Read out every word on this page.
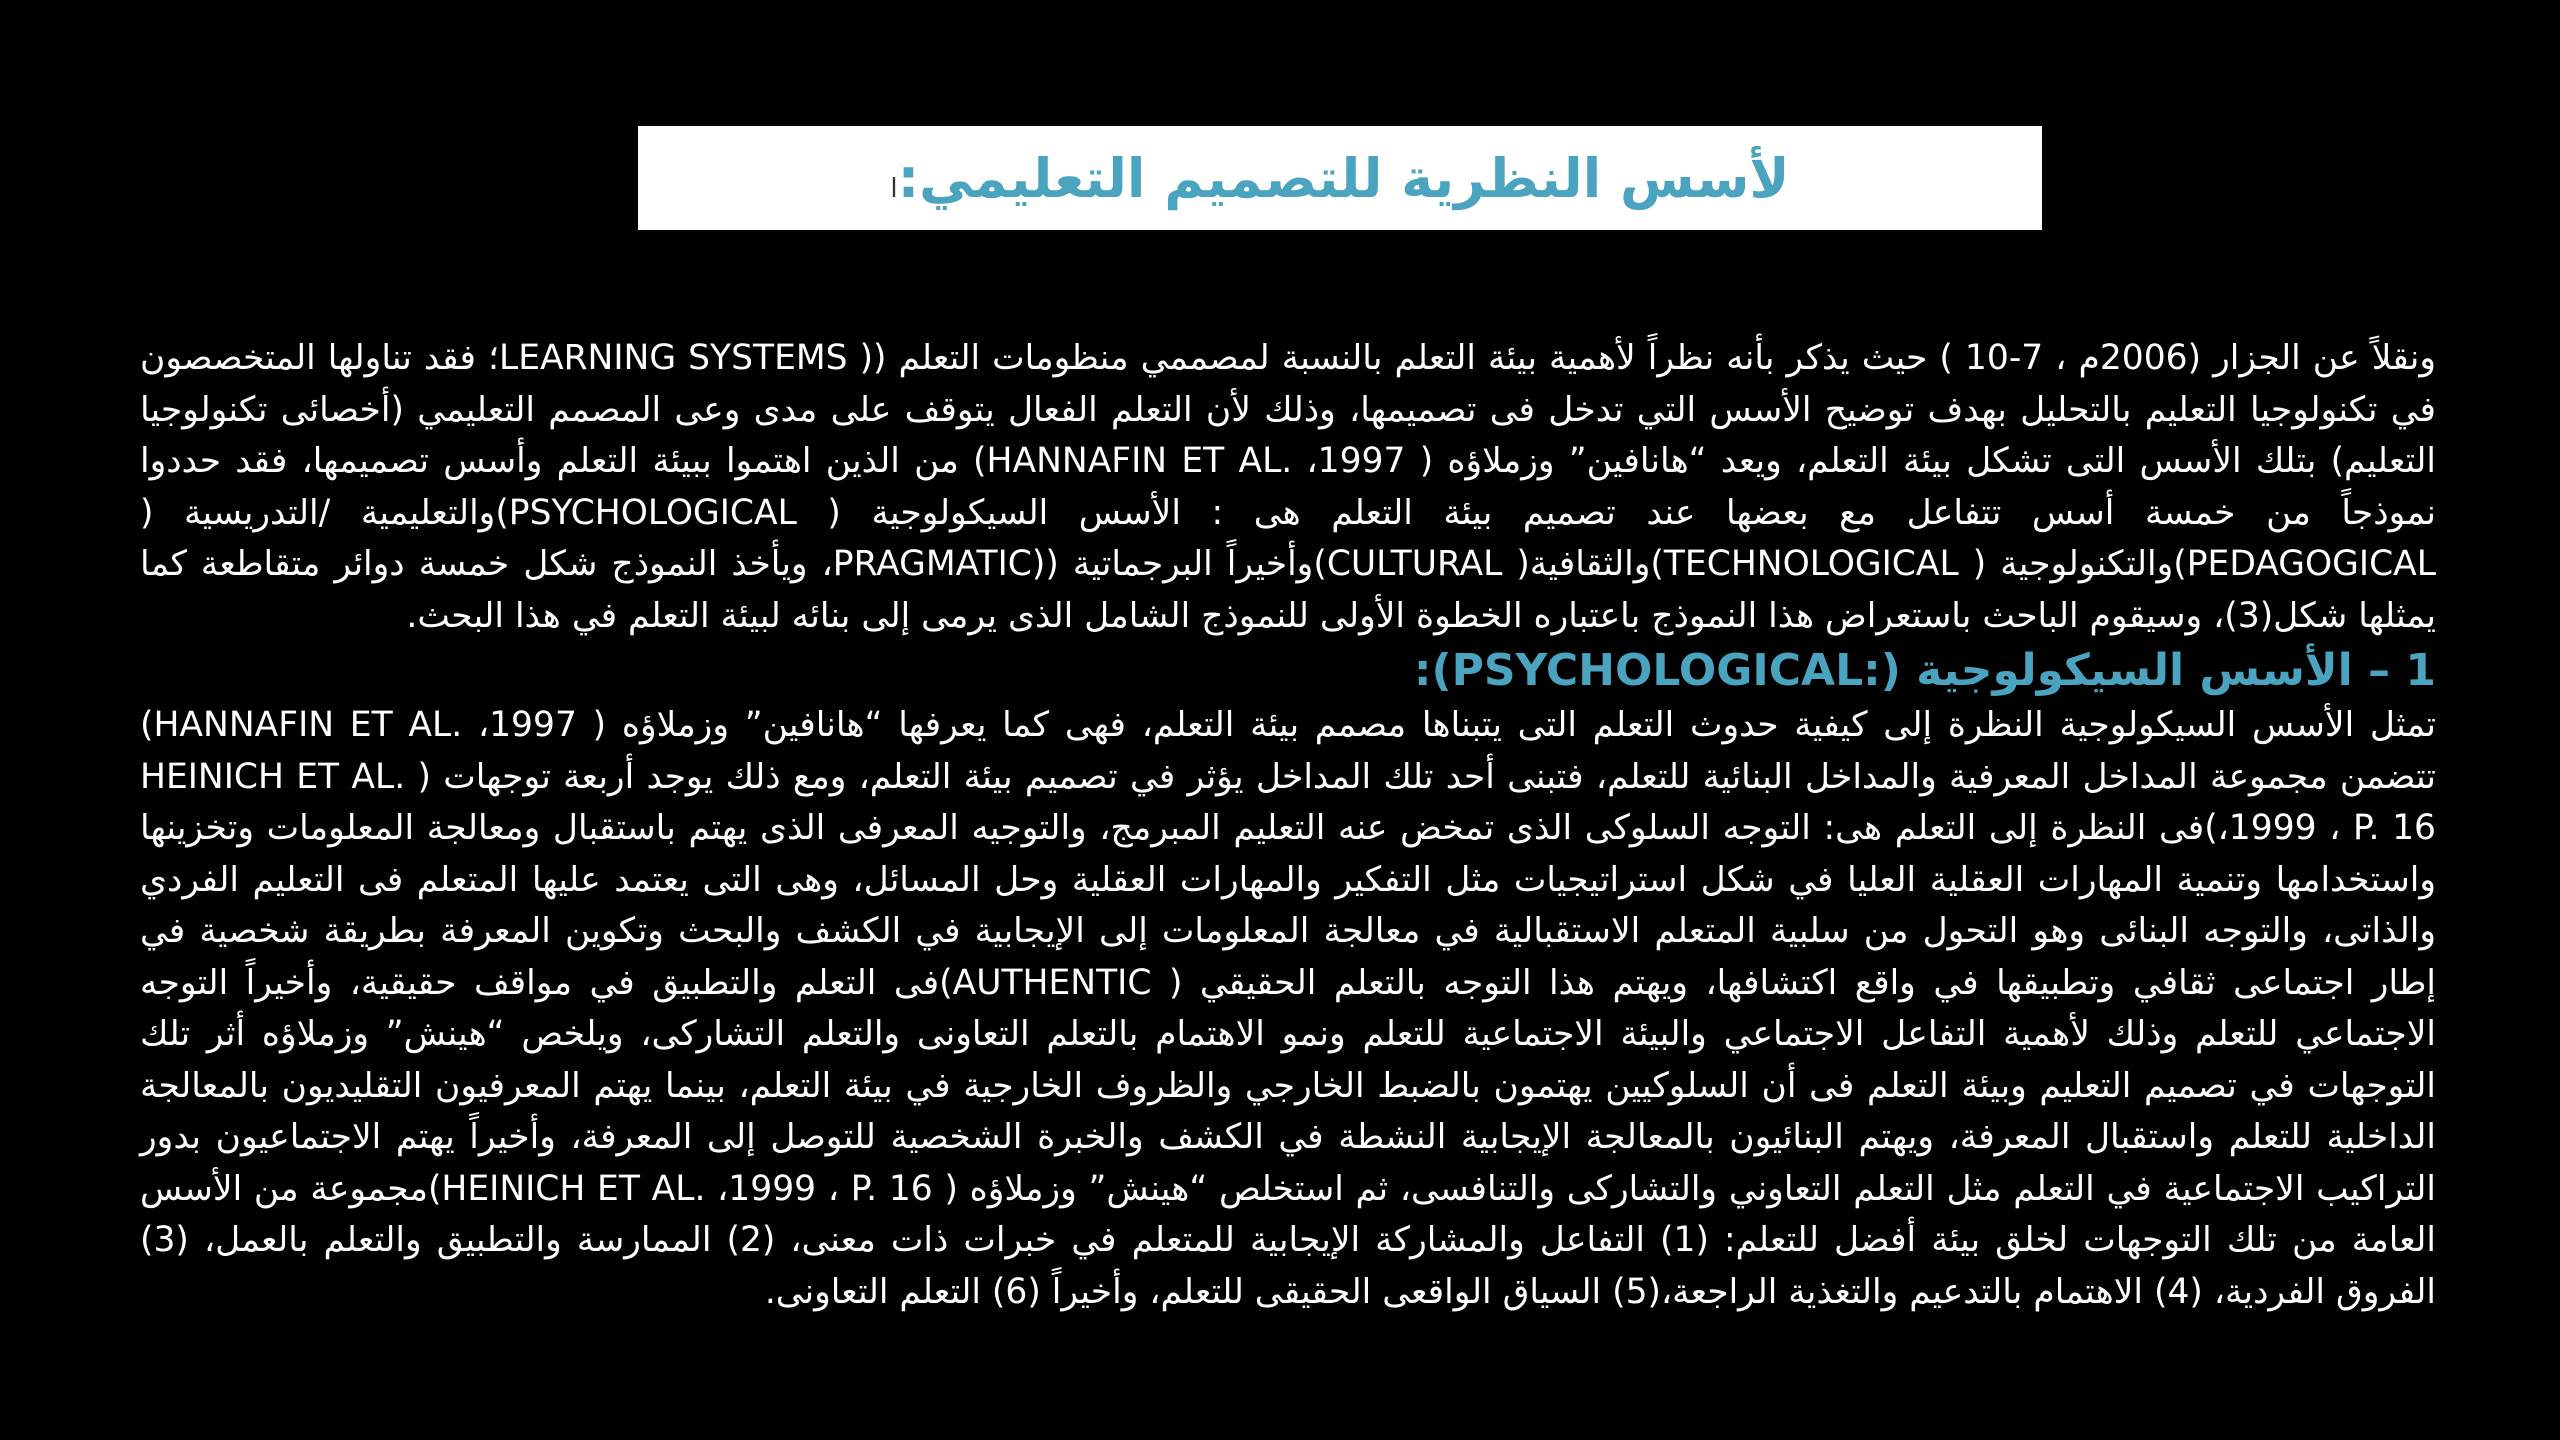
لأسس النظرية للتصميم التعليمي:ا

ونقلاً عن الجزار (2006م ، 7-10 ) حيث يذكر بأنه نظراً لأهمية بيئة التعلم بالنسبة لمصممي منظومات التعلم (( LEARNING SYSTEMS؛ فقد تناولها المتخصصون في تكنولوجيا التعليم بالتحليل بهدف توضيح الأسس التي تدخل فى تصميمها، وذلك لأن التعلم الفعال يتوقف على مدى وعى المصمم التعليمي (أخصائى تكنولوجيا التعليم) بتلك الأسس التى تشكل بيئة التعلم، ويعد “هانافين” وزملاؤه ( HANNAFIN ET AL. ،1997) من الذين اهتموا ببيئة التعلم وأسس تصميمها، فقد حددوا نموذجاً من خمسة أسس تتفاعل مع بعضها عند تصميم بيئة التعلم هى : الأسس السيكولوجية ( PSYCHOLOGICAL)والتعليمية /التدريسية ( PEDAGOGICAL)والتكنولوجية ( TECHNOLOGICAL)والثقافية( CULTURAL)وأخيراً البرجماتية ((PRAGMATIC، ويأخذ النموذج شكل خمسة دوائر متقاطعة كما يمثلها شكل(3)، وسيقوم الباحث باستعراض هذا النموذج باعتباره الخطوة الأولى للنموذج الشامل الذى يرمى إلى بنائه لبيئة التعلم في هذا البحث.

1 – الأسس السيكولوجية (:PSYCHOLOGICAL):

تمثل الأسس السيكولوجية النظرة إلى كيفية حدوث التعلم التى يتبناها مصمم بيئة التعلم، فهى كما يعرفها “هانافين” وزملاؤه ( HANNAFIN ET AL. ،1997) تتضمن مجموعة المداخل المعرفية والمداخل البنائية للتعلم، فتبنى أحد تلك المداخل يؤثر في تصميم بيئة التعلم، ومع ذلك يوجد أربعة توجهات ( HEINICH ET AL. ،1999 ، P. 16)فى النظرة إلى التعلم هى: التوجه السلوكى الذى تمخض عنه التعليم المبرمج، والتوجيه المعرفى الذى يهتم باستقبال ومعالجة المعلومات وتخزينها واستخدامها وتنمية المهارات العقلية العليا في شكل استراتيجيات مثل التفكير والمهارات العقلية وحل المسائل، وهى التى يعتمد عليها المتعلم فى التعليم الفردي والذاتى، والتوجه البنائى وهو التحول من سلبية المتعلم الاستقبالية في معالجة المعلومات إلى الإيجابية في الكشف والبحث وتكوين المعرفة بطريقة شخصية في إطار اجتماعى ثقافي وتطبيقها في واقع اكتشافها، ويهتم هذا التوجه بالتعلم الحقيقي ( AUTHENTIC)فى التعلم والتطبيق في مواقف حقيقية، وأخيراً التوجه الاجتماعي للتعلم وذلك لأهمية التفاعل الاجتماعي والبيئة الاجتماعية للتعلم ونمو الاهتمام بالتعلم التعاونى والتعلم التشاركى، ويلخص “هينش” وزملاؤه أثر تلك التوجهات في تصميم التعليم وبيئة التعلم فى أن السلوكيين يهتمون بالضبط الخارجي والظروف الخارجية في بيئة التعلم، بينما يهتم المعرفيون التقليديون بالمعالجة الداخلية للتعلم واستقبال المعرفة، ويهتم البنائيون بالمعالجة الإيجابية النشطة في الكشف والخبرة الشخصية للتوصل إلى المعرفة، وأخيراً يهتم الاجتماعيون بدور التراكيب الاجتماعية في التعلم مثل التعلم التعاوني والتشاركى والتنافسى، ثم استخلص “هينش” وزملاؤه ( HEINICH ET AL. ،1999 ، P. 16)مجموعة من الأسس العامة من تلك التوجهات لخلق بيئة أفضل للتعلم: (1) التفاعل والمشاركة الإيجابية للمتعلم في خبرات ذات معنى، (2) الممارسة والتطبيق والتعلم بالعمل، (3) الفروق الفردية، (4) الاهتمام بالتدعيم والتغذية الراجعة،(5) السياق الواقعى الحقيقى للتعلم، وأخيراً (6) التعلم التعاونى.
